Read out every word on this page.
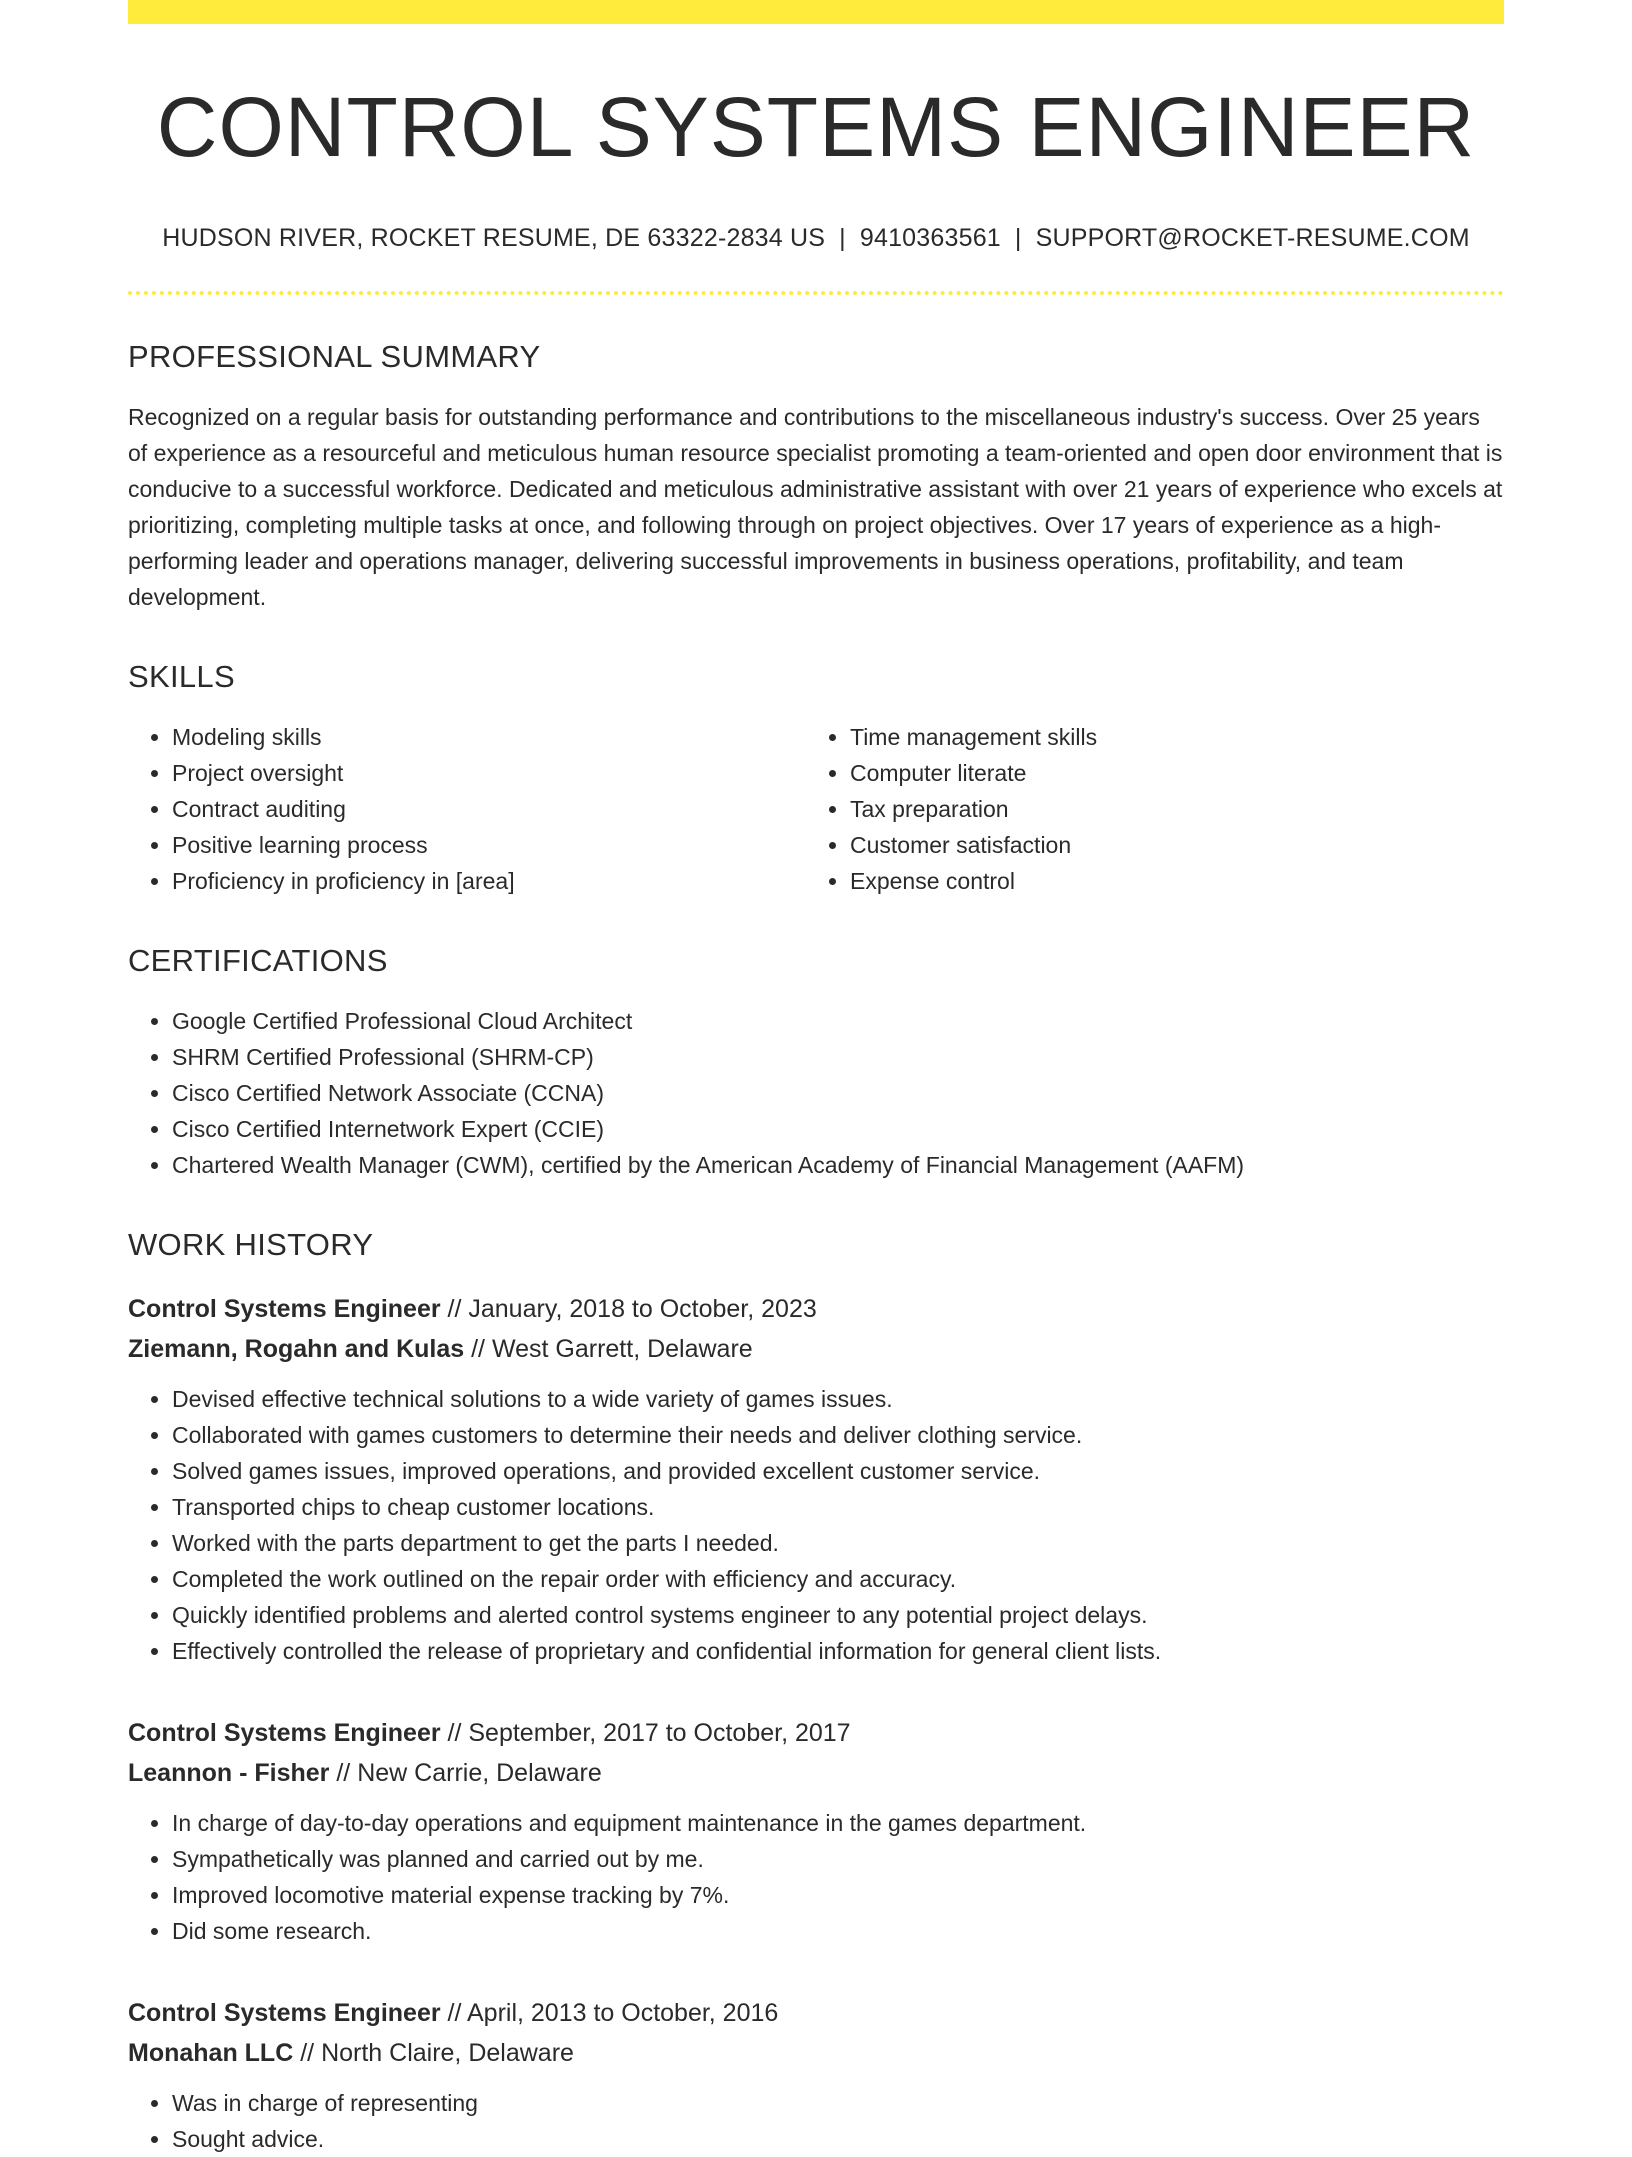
CONTROL SYSTEMS ENGINEER
HUDSON RIVER, ROCKET RESUME, DE 63322-2834 US | 9410363561 | SUPPORT@ROCKET-RESUME.COM
PROFESSIONAL SUMMARY

Recognized on a regular basis for outstanding performance and contributions to the miscellaneous industry's success. Over 25 years of experience as a resourceful and meticulous human resource specialist promoting a team-oriented and open door environment that is conducive to a successful workforce. Dedicated and meticulous administrative assistant with over 21 years of experience who excels at prioritizing, completing multiple tasks at once, and following through on project objectives. Over 17 years of experience as a high-performing leader and operations manager, delivering successful improvements in business operations, profitability, and team development.

SKILLS
• Modeling skills
• Project oversight
• Contract auditing
• Positive learning process
• Proficiency in proficiency in [area]
• Time management skills
• Computer literate
• Tax preparation
• Customer satisfaction
• Expense control
CERTIFICATIONS
• Google Certified Professional Cloud Architect
• SHRM Certified Professional (SHRM-CP)
• Cisco Certified Network Associate (CCNA)
• Cisco Certified Internetwork Expert (CCIE)
• Chartered Wealth Manager (CWM), certified by the American Academy of Financial Management (AAFM)
WORK HISTORY
Control Systems Engineer // January, 2018 to October, 2023
Ziemann, Rogahn and Kulas // West Garrett, Delaware
• Devised effective technical solutions to a wide variety of games issues.
• Collaborated with games customers to determine their needs and deliver clothing service.
• Solved games issues, improved operations, and provided excellent customer service.
• Transported chips to cheap customer locations.
• Worked with the parts department to get the parts I needed.
• Completed the work outlined on the repair order with efficiency and accuracy.
• Quickly identified problems and alerted control systems engineer to any potential project delays.
• Effectively controlled the release of proprietary and confidential information for general client lists.
Control Systems Engineer // September, 2017 to October, 2017
Leannon - Fisher // New Carrie, Delaware
• In charge of day-to-day operations and equipment maintenance in the games department.
• Sympathetically was planned and carried out by me.
• Improved locomotive material expense tracking by 7%.
• Did some research.
Control Systems Engineer // April, 2013 to October, 2016
Monahan LLC // North Claire, Delaware
• Was in charge of representing
• Sought advice.
